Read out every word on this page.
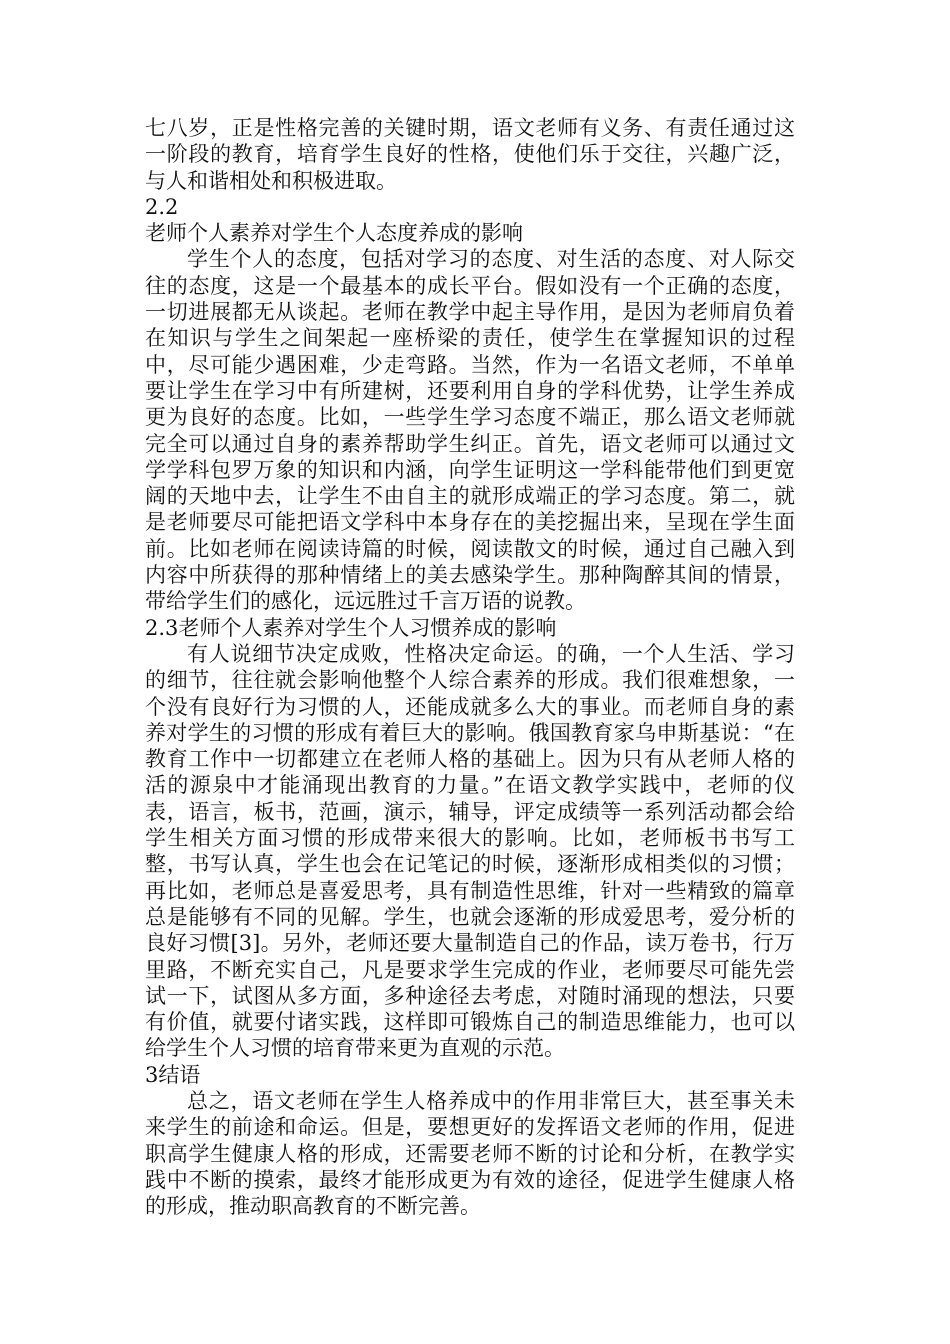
七八岁，正是性格完善的关键时期，语文老师有义务、有责任通过这一阶段的教育，培育学生良好的性格，使他们乐于交往，兴趣广泛，与人和谐相处和积极进取。

2.2

老师个人素养对学生个人态度养成的影响

学生个人的态度，包括对学习的态度、对生活的态度、对人际交往的态度，这是一个最基本的成长平台。假如没有一个正确的态度，一切进展都无从谈起。老师在教学中起主导作用，是因为老师肩负着在知识与学生之间架起一座桥梁的责任，使学生在掌握知识的过程中，尽可能少遇困难，少走弯路。当然，作为一名语文老师，不单单要让学生在学习中有所建树，还要利用自身的学科优势，让学生养成更为良好的态度。比如，一些学生学习态度不端正，那么语文老师就完全可以通过自身的素养帮助学生纠正。首先，语文老师可以通过文学学科包罗万象的知识和内涵，向学生证明这一学科能带他们到更宽阔的天地中去，让学生不由自主的就形成端正的学习态度。第二，就是老师要尽可能把语文学科中本身存在的美挖掘出来，呈现在学生面前。比如老师在阅读诗篇的时候，阅读散文的时候，通过自己融入到内容中所获得的那种情绪上的美去感染学生。那种陶醉其间的情景，带给学生们的感化，远远胜过千言万语的说教。

2.3老师个人素养对学生个人习惯养成的影响

有人说细节决定成败，性格决定命运。的确，一个人生活、学习的细节，往往就会影响他整个人综合素养的形成。我们很难想象，一个没有良好行为习惯的人，还能成就多么大的事业。而老师自身的素养对学生的习惯的形成有着巨大的影响。俄国教育家乌申斯基说：“在教育工作中一切都建立在老师人格的基础上。因为只有从老师人格的活的源泉中才能涌现出教育的力量。”在语文教学实践中，老师的仪表，语言，板书，范画，演示，辅导，评定成绩等一系列活动都会给学生相关方面习惯的形成带来很大的影响。比如，老师板书书写工整，书写认真，学生也会在记笔记的时候，逐渐形成相类似的习惯；再比如，老师总是喜爱思考，具有制造性思维，针对一些精致的篇章总是能够有不同的见解。学生，也就会逐渐的形成爱思考，爱分析的良好习惯[3]。另外，老师还要大量制造自己的作品，读万卷书，行万里路，不断充实自己，凡是要求学生完成的作业，老师要尽可能先尝试一下，试图从多方面，多种途径去考虑，对随时涌现的想法，只要有价值，就要付诸实践，这样即可锻炼自己的制造思维能力，也可以给学生个人习惯的培育带来更为直观的示范。

3结语

总之，语文老师在学生人格养成中的作用非常巨大，甚至事关未来学生的前途和命运。但是，要想更好的发挥语文老师的作用，促进职高学生健康人格的形成，还需要老师不断的讨论和分析，在教学实践中不断的摸索，最终才能形成更为有效的途径，促进学生健康人格的形成，推动职高教育的不断完善。
